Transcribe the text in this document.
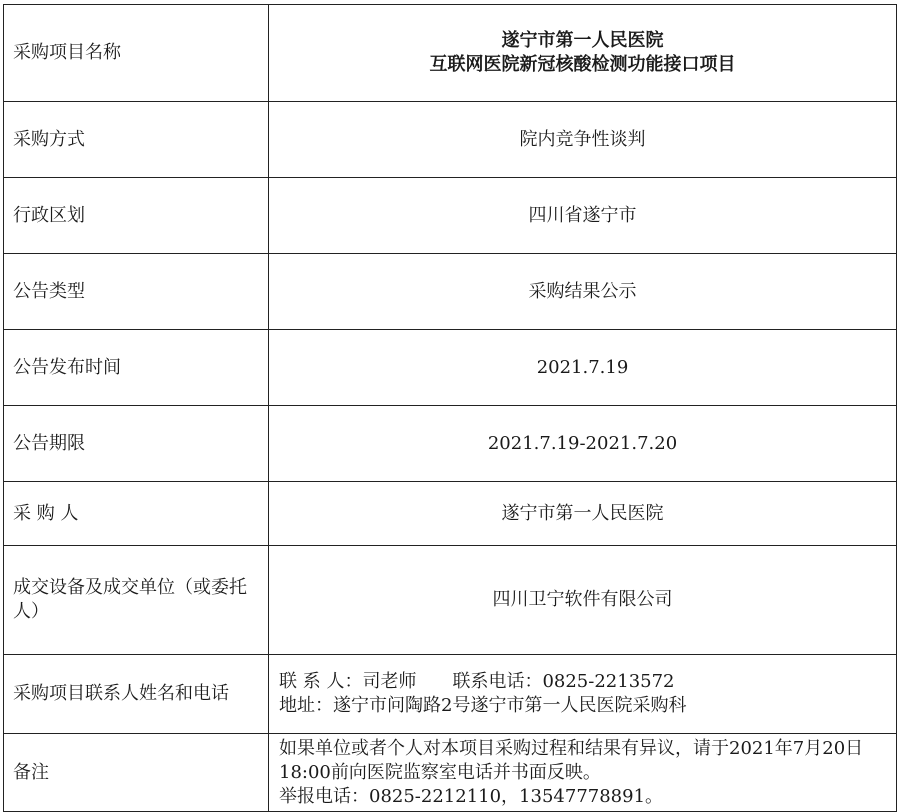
采购项目名称	遂宁市第一人民医院
互联网医院新冠核酸检测功能接口项目

采购方式	院内竞争性谈判
行政区划	四川省遂宁市
公告类型	采购结果公示
公告发布时间	2021.7.19
公告期限	2021.7.19-2021.7.20
采 购 人	遂宁市第一人民医院

成交设备及成交单位（或委托人）	四川卫宁软件有限公司
采购项目联系人姓名和电话	联 系 人：司老师　　联系电话：0825-2213572
地址：遂宁市问陶路2号遂宁市第一人民医院采购科

备注	如果单位或者个人对本项目采购过程和结果有异议，请于2021年7月20日18:00前向医院监察室电话并书面反映。
举报电话：0825-2212110，13547778891。
